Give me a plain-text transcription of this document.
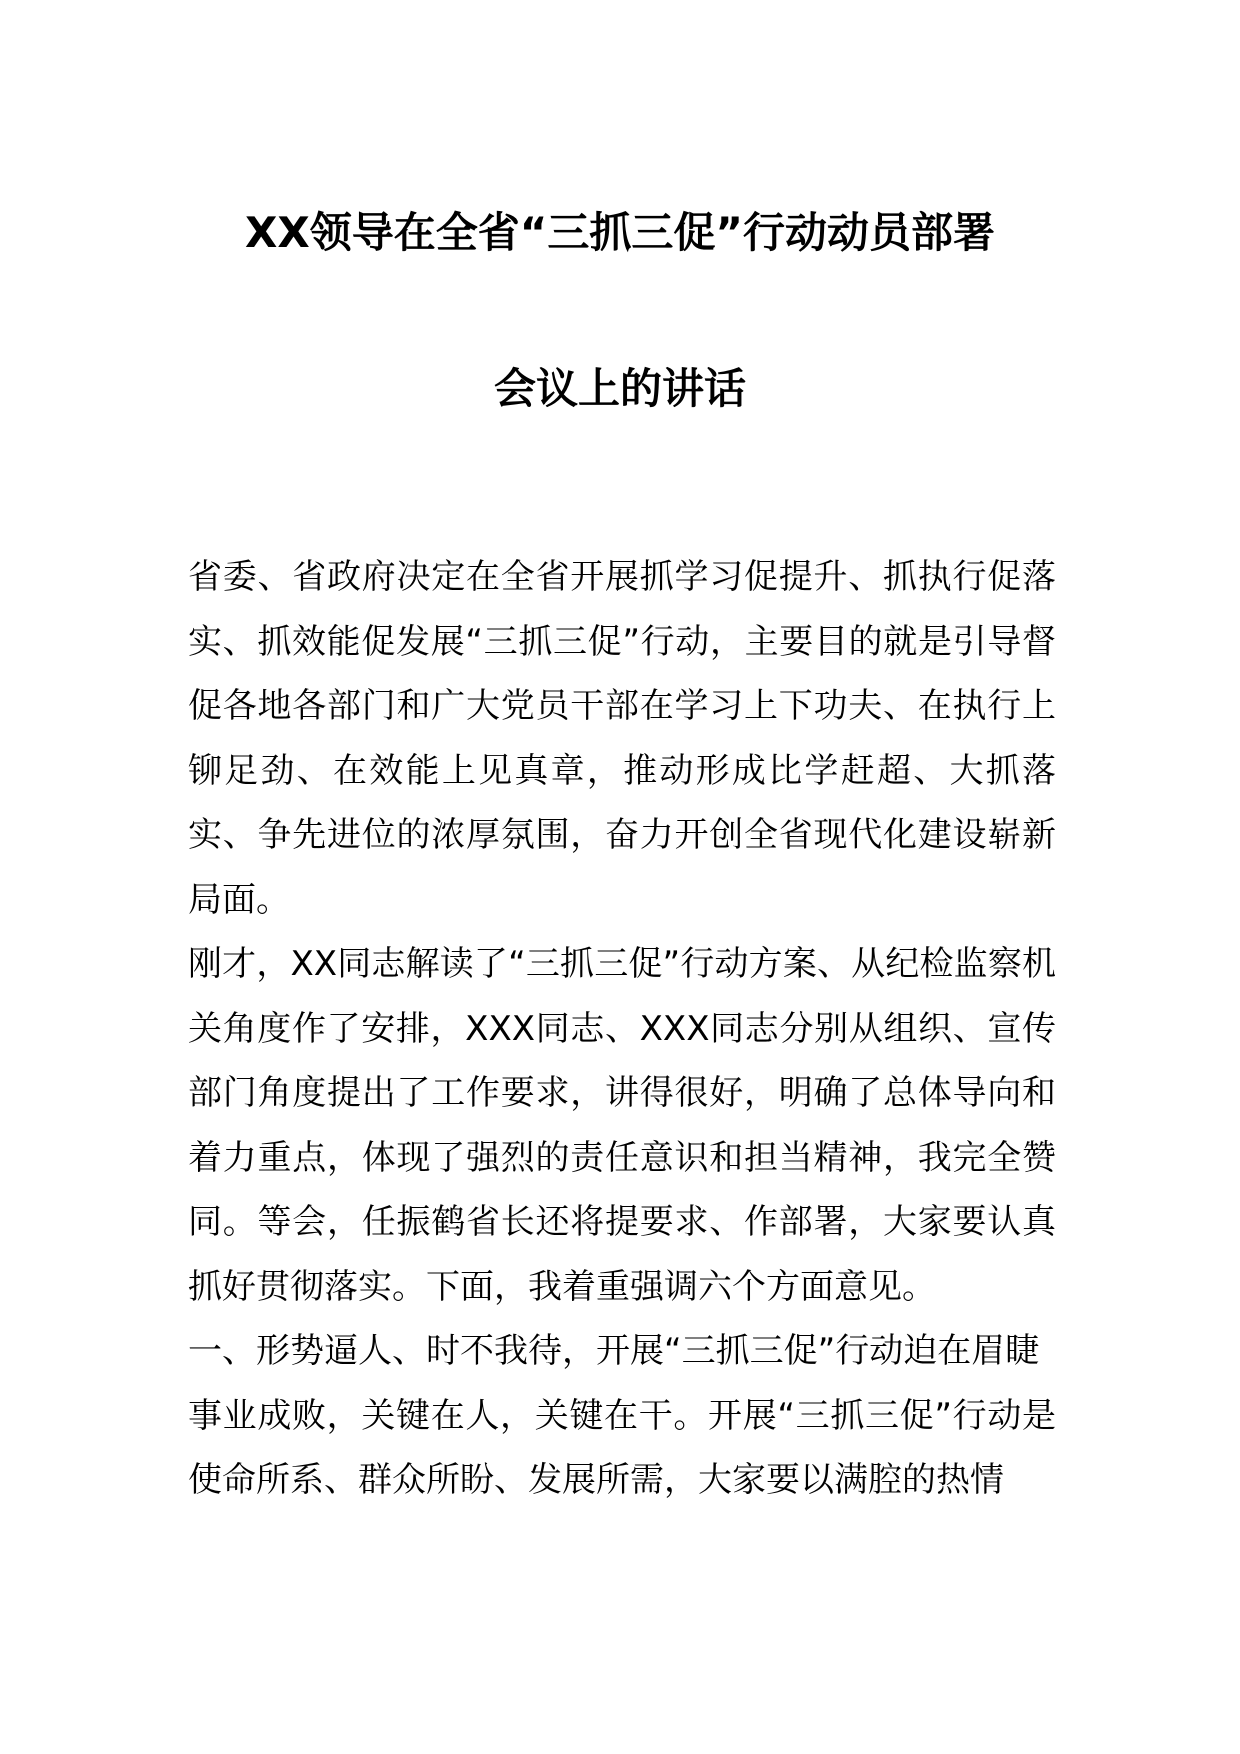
XX领导在全省“三抓三促”行动动员部署
会议上的讲话

省委、省政府决定在全省开展抓学习促提升、抓执行促落实、抓效能促发展“三抓三促”行动，主要目的就是引导督促各地各部门和广大党员干部在学习上下功夫、在执行上铆足劲、在效能上见真章，推动形成比学赶超、大抓落实、争先进位的浓厚氛围，奋力开创全省现代化建设崭新局面。

刚才，XX同志解读了“三抓三促”行动方案、从纪检监察机关角度作了安排，XXX同志、XXX同志分别从组织、宣传部门角度提出了工作要求，讲得很好，明确了总体导向和着力重点，体现了强烈的责任意识和担当精神，我完全赞同。等会，任振鹤省长还将提要求、作部署，大家要认真抓好贯彻落实。下面，我着重强调六个方面意见。

一、形势逼人、时不我待，开展“三抓三促”行动迫在眉睫

事业成败，关键在人，关键在干。开展“三抓三促”行动是使命所系、群众所盼、发展所需，大家要以满腔的热情
